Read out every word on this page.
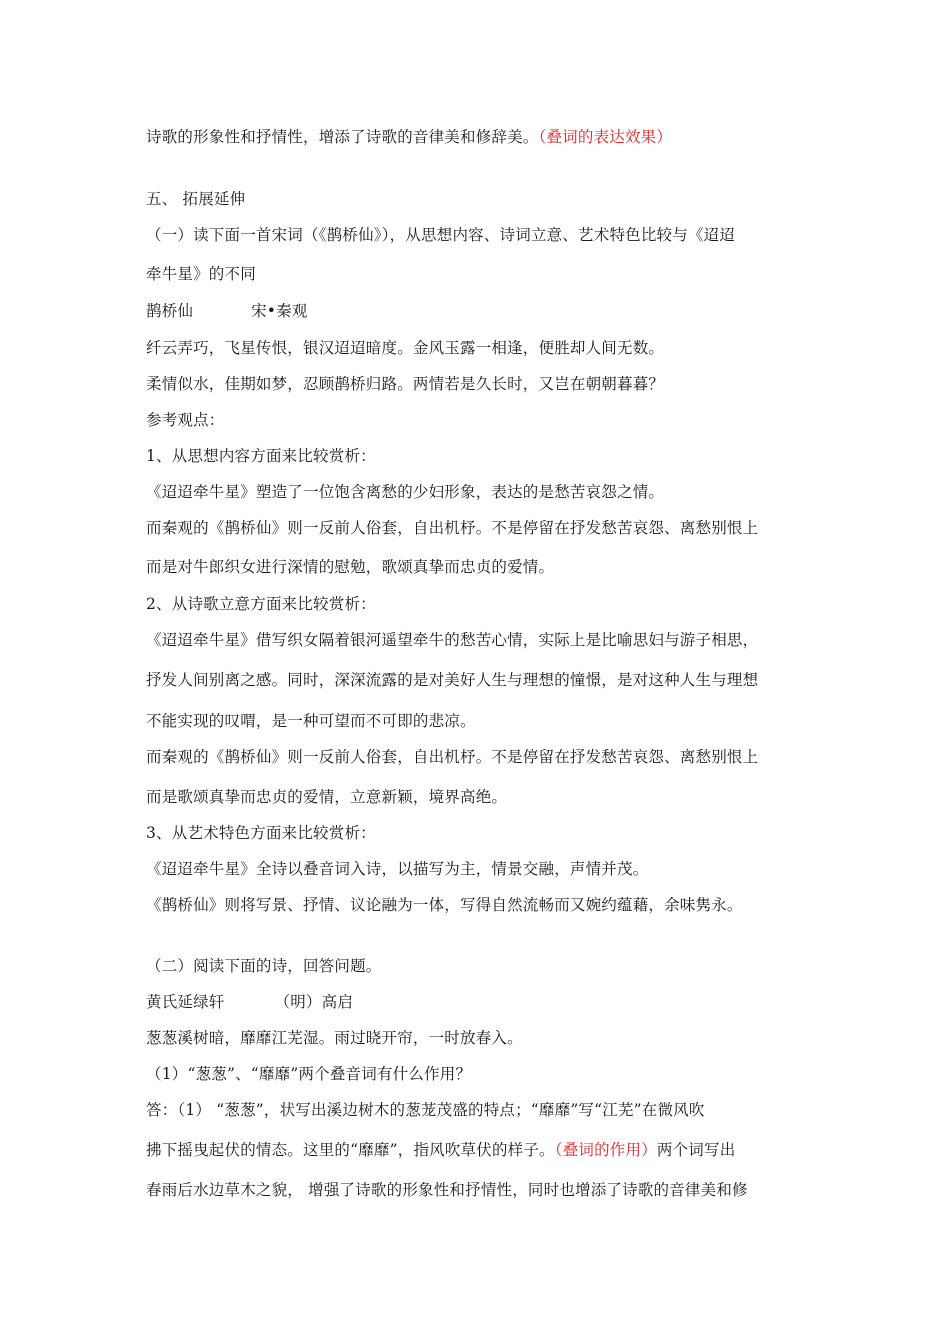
诗歌的形象性和抒情性，增添了诗歌的音律美和修辞美。（叠词的表达效果）
五、 拓展延伸
（一）读下面一首宋词（《鹊桥仙》），从思想内容、诗词立意、艺术特色比较与《迢迢
牵牛星》的不同
鹊桥仙	宋•秦观
纤云弄巧，飞星传恨，银汉迢迢暗度。金风玉露一相逢，便胜却人间无数。
柔情似水，佳期如梦，忍顾鹊桥归路。两情若是久长时，又岂在朝朝暮暮？
参考观点：
1、从思想内容方面来比较赏析：
《迢迢牵牛星》塑造了一位饱含离愁的少妇形象，表达的是愁苦哀怨之情。
而秦观的《鹊桥仙》则一反前人俗套，自出机杼。不是停留在抒发愁苦哀怨、离愁别恨上
而是对牛郎织女进行深情的慰勉，歌颂真挚而忠贞的爱情。
2、从诗歌立意方面来比较赏析：
《迢迢牵牛星》借写织女隔着银河遥望牵牛的愁苦心情，实际上是比喻思妇与游子相思，
抒发人间别离之感。同时，深深流露的是对美好人生与理想的憧憬，是对这种人生与理想
不能实现的叹喟，是一种可望而不可即的悲凉。
而秦观的《鹊桥仙》则一反前人俗套，自出机杼。不是停留在抒发愁苦哀怨、离愁别恨上
而是歌颂真挚而忠贞的爱情，立意新颖，境界高绝。
3、从艺术特色方面来比较赏析：
《迢迢牵牛星》全诗以叠音词入诗，以描写为主，情景交融，声情并茂。
《鹊桥仙》则将写景、抒情、议论融为一体，写得自然流畅而又婉约蕴藉，余味隽永。
（二）阅读下面的诗，回答问题。
黄氏延绿轩	（明）高启
葱葱溪树暗，靡靡江芜湿。雨过晓开帘，一时放春入。
（1）“葱葱”、“靡靡”两个叠音词有什么作用？
答：（1） “葱葱”，状写出溪边树木的葱茏茂盛的特点；“靡靡”写“江芜”在微风吹
拂下摇曳起伏的情态。这里的“靡靡”，指风吹草伏的样子。（叠词的作用）两个词写出
春雨后水边草木之貌， 增强了诗歌的形象性和抒情性，同时也增添了诗歌的音律美和修
